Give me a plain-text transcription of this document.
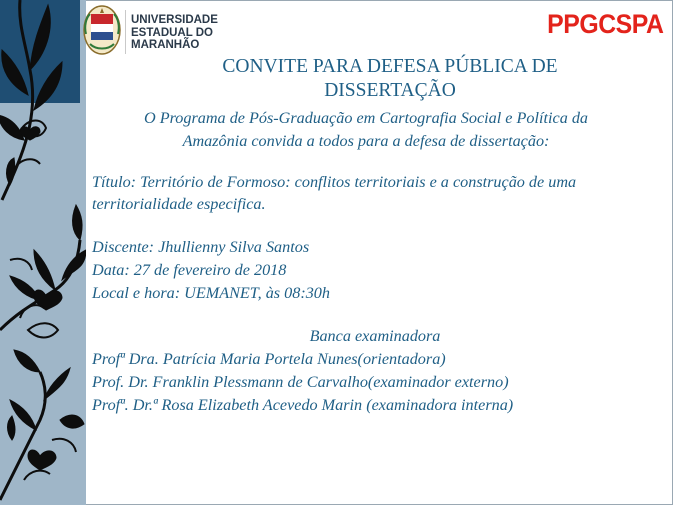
UNIVERSIDADE
ESTADUAL DO
MARANHÃO
PPGCSPA
CONVITE PARA DEFESA PÚBLICA DE
DISSERTAÇÃO
O Programa de Pós-Graduação em Cartografia Social e Política da
Amazônia convida a todos para a defesa de dissertação:
Título: Território de Formoso: conflitos territoriais e a construção de uma
territorialidade especifica.
Discente: Jhullienny Silva Santos
Data: 27 de fevereiro de 2018
Local e hora: UEMANET, às 08:30h
Banca examinadora
Profª Dra. Patrícia Maria Portela Nunes(orientadora)
Prof. Dr. Franklin Plessmann de Carvalho(examinador externo)
Profª. Dr.ª Rosa Elizabeth Acevedo Marin (examinadora interna)
